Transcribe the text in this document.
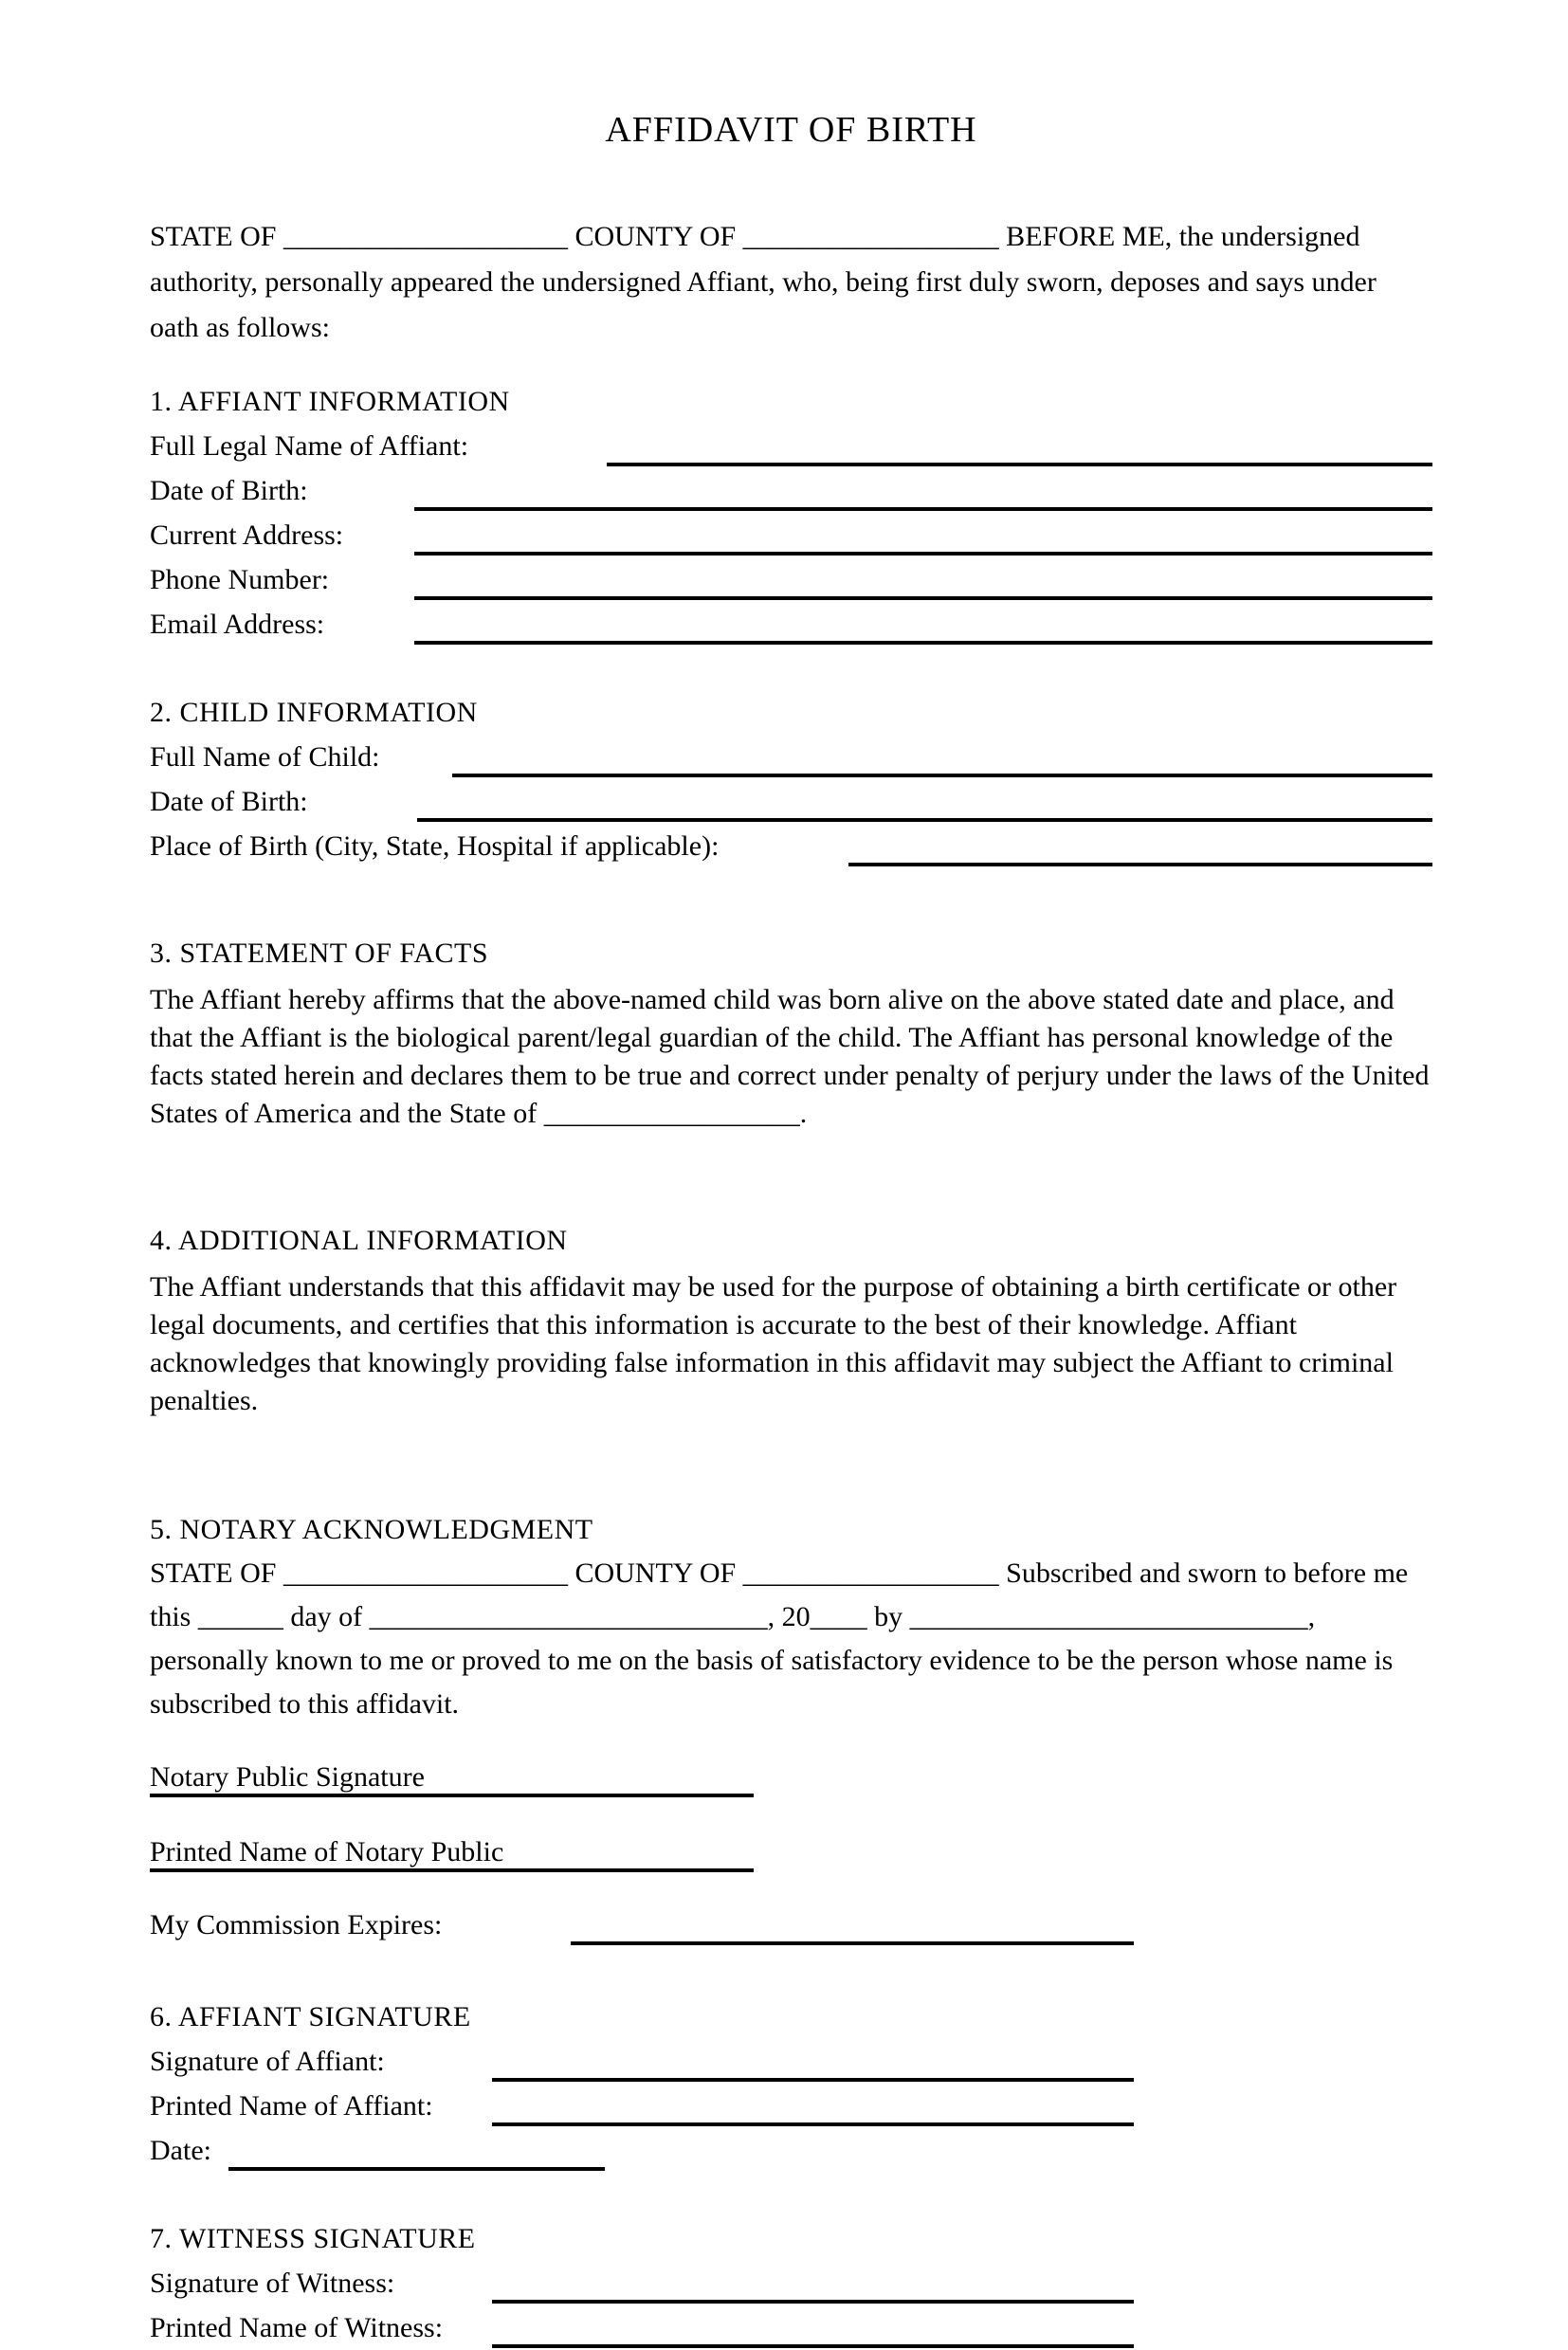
AFFIDAVIT OF BIRTH

STATE OF ____________________ COUNTY OF __________________ BEFORE ME, the undersigned authority, personally appeared the undersigned Affiant, who, being first duly sworn, deposes and says under oath as follows:

1. AFFIANT INFORMATION
Full Legal Name of Affiant:
Date of Birth:
Current Address:
Phone Number:
Email Address:
2. CHILD INFORMATION
Full Name of Child:
Date of Birth:
Place of Birth (City, State, Hospital if applicable):
3. STATEMENT OF FACTS

The Affiant hereby affirms that the above-named child was born alive on the above stated date and place, and that the Affiant is the biological parent/legal guardian of the child. The Affiant has personal knowledge of the facts stated herein and declares them to be true and correct under penalty of perjury under the laws of the United States of America and the State of __________________.

4. ADDITIONAL INFORMATION

The Affiant understands that this affidavit may be used for the purpose of obtaining a birth certificate or other legal documents, and certifies that this information is accurate to the best of their knowledge. Affiant acknowledges that knowingly providing false information in this affidavit may subject the Affiant to criminal penalties.

5. NOTARY ACKNOWLEDGMENT

STATE OF ____________________ COUNTY OF __________________ Subscribed and sworn to before me this ______ day of ____________________________, 20____ by ____________________________, personally known to me or proved to me on the basis of satisfactory evidence to be the person whose name is subscribed to this affidavit.

Notary Public Signature
Printed Name of Notary Public
My Commission Expires:
6. AFFIANT SIGNATURE
Signature of Affiant:
Printed Name of Affiant:
Date:
7. WITNESS SIGNATURE
Signature of Witness:
Printed Name of Witness:
